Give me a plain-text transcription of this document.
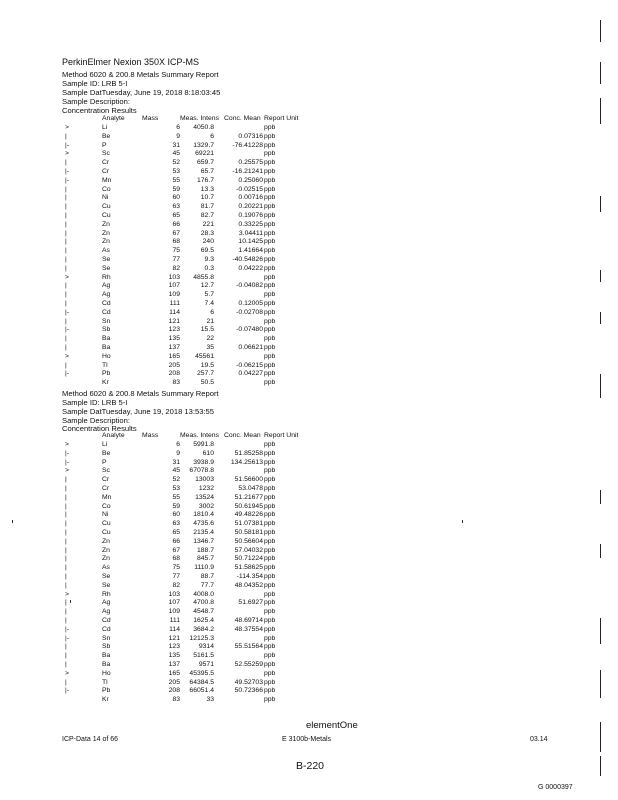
PerkinElmer Nexion 350X ICP-MS
Method 6020 & 200.8 Metals Summary Report
Sample ID: LRB 5-I
Sample DatTuesday, June 19, 2018 8:18:03:45
Sample Description:
Concentration Results
Analyte	Mass	Meas. Intens Conc. Mean Report Unit
>	Li	6	4050.8	ppb
|	Be	9	6	0.07316 ppb
|-	P	31	1329.7	-76.41228 ppb
>	Sc	45	69221	ppb
|	Cr	52	659.7	0.25575 ppb
|-	Cr	53	65.7	-16.21241 ppb
|-	Mn	55	176.7	0.25060 ppb
|	Co	59	13.3	-0.02515 ppb
|	Ni	60	10.7	0.00716 ppb
|	Cu	63	81.7	0.20221 ppb
|	Cu	65	82.7	0.19076 ppb
|	Zn	66	221	0.33225 ppb
|	Zn	67	28.3	3.04411 ppb
|	Zn	68	240	10.1425 ppb
|	As	75	69.5	1.41664 ppb
|	Se	77	9.3	-40.54826 ppb
|	Se	82	0.3	0.04222 ppb
>	Rh	103	4855.8	ppb
|	Ag	107	12.7	-0.04082 ppb
|	Ag	109	5.7	ppb
|	Cd	111	7.4	0.12005 ppb
|-	Cd	114	6	-0.02708 ppb
|	Sn	121	21	ppb
|-	Sb	123	15.5	-0.07480 ppb
|	Ba	135	22	ppb
|	Ba	137	35	0.06621 ppb
>	Ho	165	45561	ppb
|	Tl	205	19.5	-0.06215 ppb
|-	Pb	208	257.7	0.04227 ppb
Kr	83	50.5	ppb
Method 6020 & 200.8 Metals Summary Report
Sample ID: LRB 5-I
Sample DatTuesday, June 19, 2018 13:53:55
Sample Description:
Concentration Results
Analyte	Mass	Meas. Intens Conc. Mean Report Unit
>	Li	6	5991.8	ppb
|-	Be	9	610	51.85258 ppb
|-	P	31	3938.9	134.25613 ppb
>	Sc	45	67078.8	ppb
|	Cr	52	13003	51.56600 ppb
|	Cr	53	1232	53.0478 ppb
|	Mn	55	13524	51.21677 ppb
|	Co	59	3002	50.61945 ppb
|	Ni	60	1810.4	49.48226 ppb
|	Cu	63	4735.6	51.07381 ppb
|	Cu	65	2135.4	50.58181 ppb
|	Zn	66	1346.7	50.56604 ppb
|	Zn	67	188.7	57.04032 ppb
|	Zn	68	845.7	50.71224 ppb
|	As	75	1110.9	51.58625 ppb
|	Se	77	88.7	-114.354 ppb
|	Se	82	77.7	48.04352 ppb
>	Rh	103	4008.0	ppb
|	Ag	107	4700.8	51.6927 ppb
|	Ag	109	4548.7	ppb
|	Cd	111	1625.4	48.69714 ppb
|-	Cd	114	3684.2	48.37554 ppb
|-	Sn	121	12125.3	ppb
|	Sb	123	9314	55.51564 ppb
|	Ba	135	5161.5	ppb
|	Ba	137	9571	52.55259 ppb
>	Ho	165	45395.5	ppb
|	Tl	205	64384.5	49.52703 ppb
|-	Pb	208	66051.4	50.72366 ppb
Kr	83	33	ppb
elementOne
ICP-Data 14 of 66	E 3100b-Metals	03.14
B-220
G 0000397
